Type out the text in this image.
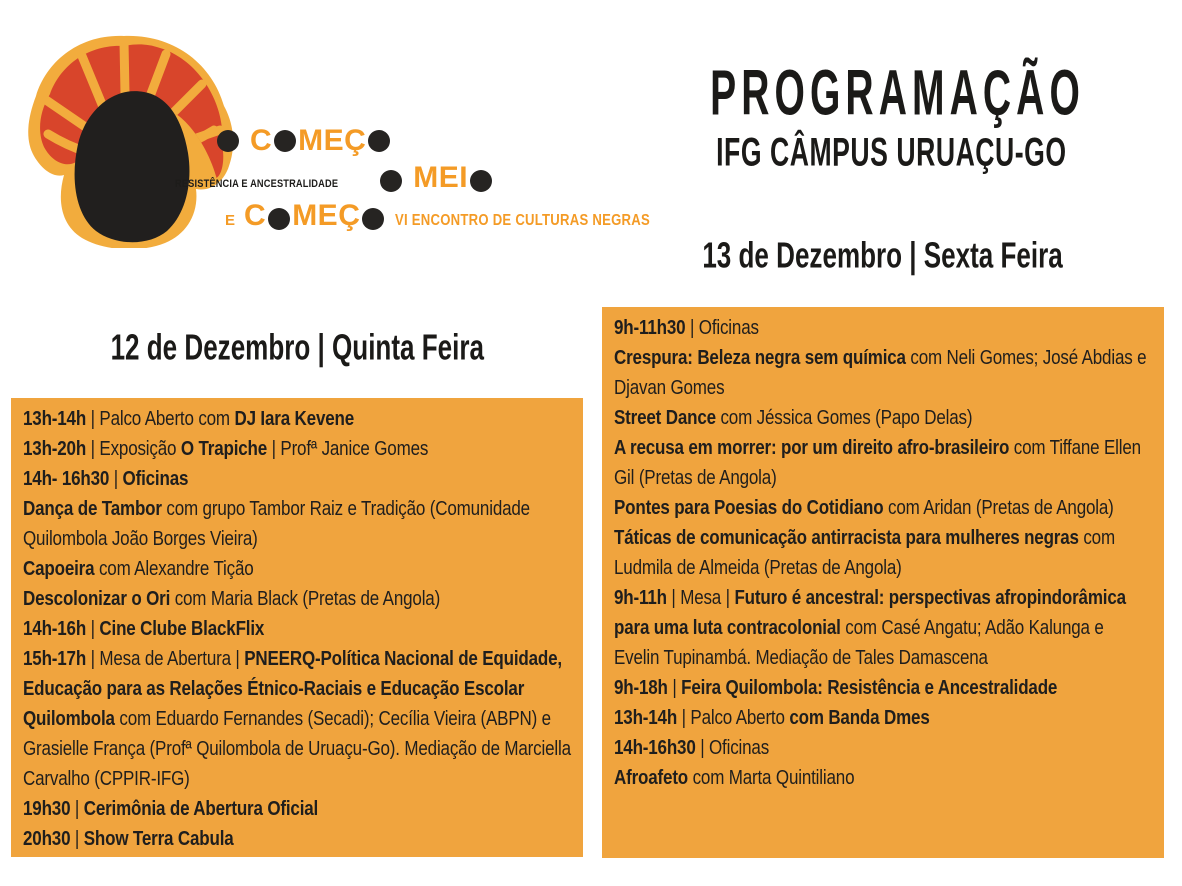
C MEÇ
RESISTÊNCIA E ANCESTRALIDADE	MEI
E C MEÇ VI ENCONTRO DE CULTURAS NEGRAS
PROGRAMAÇÃO
IFG CÂMPUS URUAÇU-GO
12 de Dezembro | Quinta Feira
13 de Dezembro | Sexta Feira
13h-14h | Palco Aberto com DJ Iara Kevene
13h-20h | Exposição O Trapiche | Profª Janice Gomes
14h- 16h30 | Oficinas
Dança de Tambor com grupo Tambor Raiz e Tradição (Comunidade Quilombola João Borges Vieira)
Capoeira com Alexandre Tição
Descolonizar o Ori com Maria Black (Pretas de Angola)
14h-16h | Cine Clube BlackFlix
15h-17h | Mesa de Abertura | PNEERQ-Política Nacional de Equidade, Educação para as Relações Étnico-Raciais e Educação Escolar Quilombola com Eduardo Fernandes (Secadi); Cecília Vieira (ABPN) e Grasielle França (Profª Quilombola de Uruaçu-Go). Mediação de Marciella Carvalho (CPPIR-IFG)
19h30 | Cerimônia de Abertura Oficial
20h30 | Show Terra Cabula
9h-11h30 | Oficinas
Crespura: Beleza negra sem química com Neli Gomes; José Abdias e Djavan Gomes
Street Dance com Jéssica Gomes (Papo Delas)
A recusa em morrer: por um direito afro-brasileiro com Tiffane Ellen Gil (Pretas de Angola)
Pontes para Poesias do Cotidiano com Aridan (Pretas de Angola)
Táticas de comunicação antirracista para mulheres negras com Ludmila de Almeida (Pretas de Angola)
9h-11h | Mesa | Futuro é ancestral: perspectivas afropindorâmica para uma luta contracolonial com Casé Angatu; Adão Kalunga e Evelin Tupinambá. Mediação de Tales Damascena
9h-18h | Feira Quilombola: Resistência e Ancestralidade
13h-14h | Palco Aberto com Banda Dmes
14h-16h30 | Oficinas
Afroafeto com Marta Quintiliano
